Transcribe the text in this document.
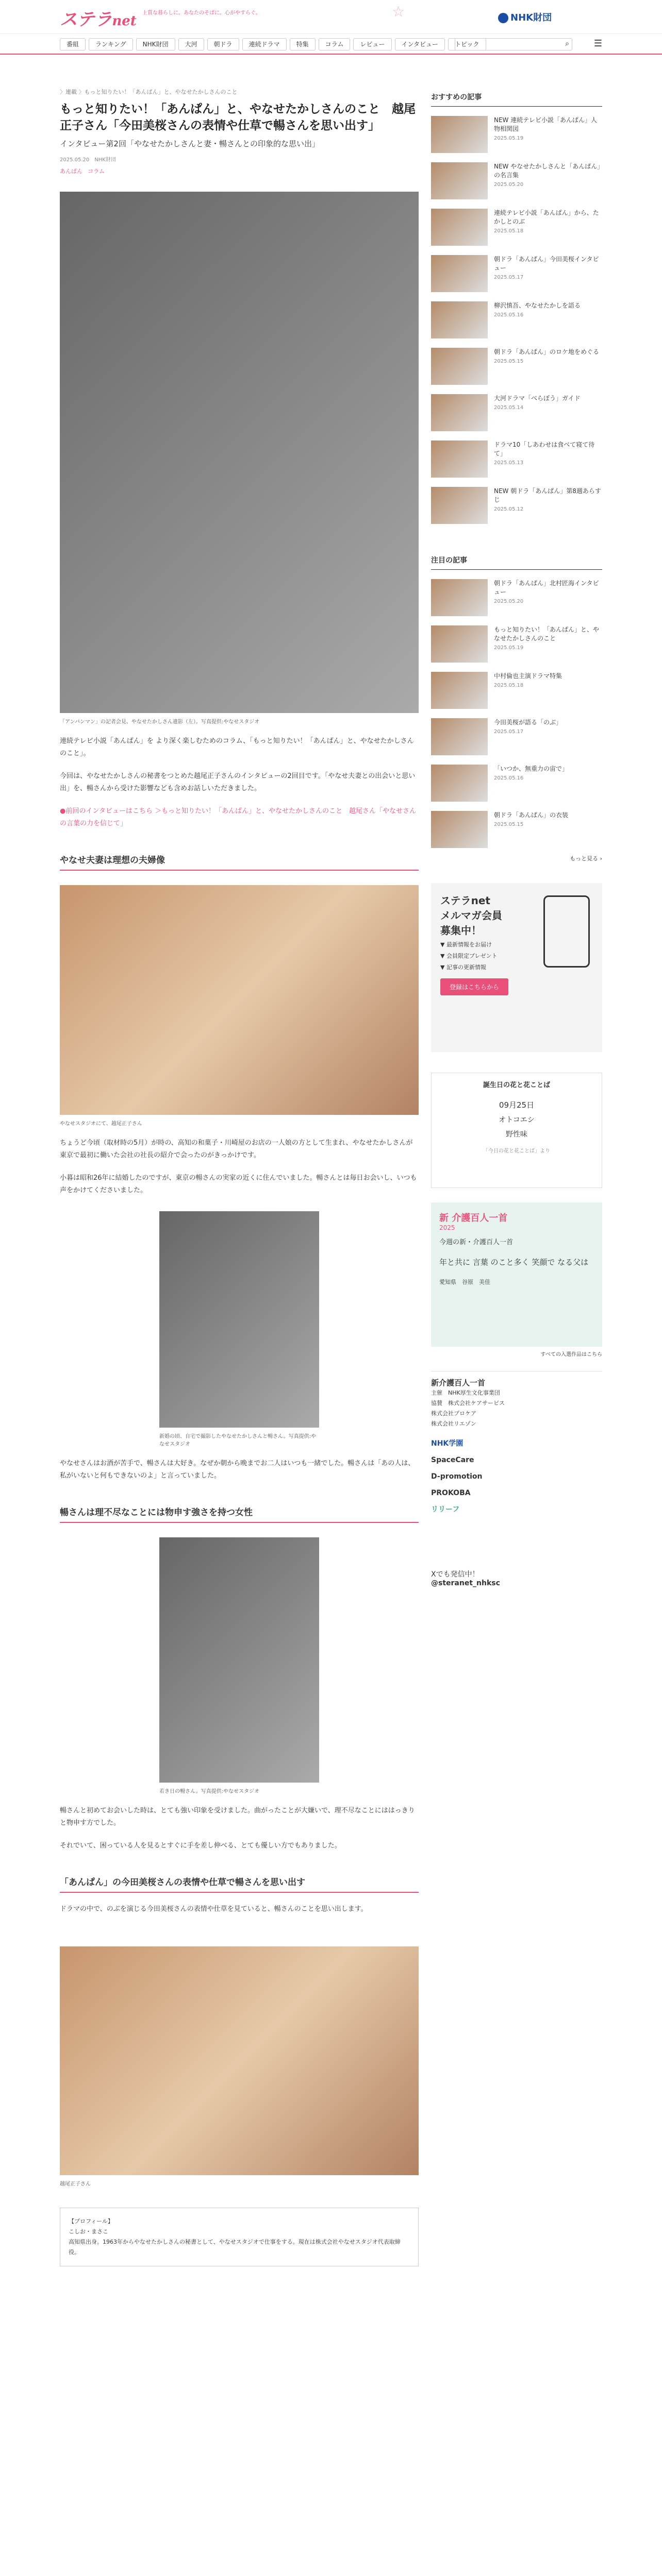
ステラnet
上質な暮らしに。あなたのそばに。心がやすらぐ。	☆	NHK財団
番組	ランキング	NHK財団	大河	朝ドラ	連続ドラマ	特集	コラム	レビュー	インタビュー	トピック	⌕	☰
〉連載 〉もっと知りたい！「あんぱん」と、やなせたかしさんのこと
もっと知りたい！「あんぱん」と、やなせたかしさんのこと　越尾正子さん「今田美桜さんの表情や仕草で暢さんを思い出す」
インタビュー第2回「やなせたかしさんと妻・暢さんとの印象的な思い出」
2025.05.20　NHK財団
あんぱん コラム
「アンパンマン」の記者会見、やなせたかしさん遺影（左）。写真提供:やなせスタジオ
連続テレビ小説「あんぱん」を より深く楽しむためのコラム、「もっと知りたい！「あんぱん」と、やなせたかしさんのこと」。
今回は、やなせたかしさんの秘書をつとめた越尾正子さんのインタビューの2回目です。「やなせ夫妻との出会いと思い出」を、暢さんから受けた影響なども含めお話しいただきました。
●前回のインタビューはこちら ＞もっと知りたい！「あんぱん」と、やなせたかしさんのこと　越尾さん「やなせさんの言葉の力を信じて」
やなせ夫妻は理想の夫婦像
やなせスタジオにて、越尾正子さん
ちょうど今頃（取材時の5月）が時の、高知の和菓子・川崎屋のお店の一人娘の方として生まれ、やなせたかしさんが東京で最初に働いた会社の社長の紹介で会ったのがきっかけです。
小暮は昭和26年に結婚したのですが、東京の暢さんの実家の近くに住んでいました。暢さんとは毎日お会いし、いつも声をかけてくださいました。
新婚の頃、自宅で撮影したやなせたかしさんと暢さん。写真提供:やなせスタジオ
やなせさんはお酒が苦手で、暢さんは大好き。なぜか朝から晩までお二人はいつも一緒でした。暢さんは「あの人は、私がいないと何もできないのよ」と言っていました。
暢さんは理不尽なことには物申す強さを持つ女性
若き日の暢さん。写真提供:やなせスタジオ
暢さんと初めてお会いした時は、とても強い印象を受けました。曲がったことが大嫌いで、理不尽なことにははっきりと物申す方でした。
それでいて、困っている人を見るとすぐに手を差し伸べる、とても優しい方でもありました。
「あんぱん」の今田美桜さんの表情や仕草で暢さんを思い出す
ドラマの中で、のぶを演じる今田美桜さんの表情や仕草を見ていると、暢さんのことを思い出します。
越尾正子さん
【プロフィール】
こしお・まさこ
高知県出身。1963年からやなせたかしさんの秘書として、やなせスタジオで仕事をする。現在は株式会社やなせスタジオ代表取締役。
おすすめの記事
NEW 連続テレビ小説「あんぱん」人物相関図
2025.05.19
NEW やなせたかしさんと「あんぱん」の名言集
2025.05.20
連続テレビ小説「あんぱん」から、たかしとのぶ
2025.05.18
朝ドラ「あんぱん」今田美桜インタビュー
2025.05.17
柳沢慎吾、やなせたかしを語る
2025.05.16
朝ドラ「あんぱん」のロケ地をめぐる
2025.05.15
大河ドラマ「べらぼう」ガイド
2025.05.14
ドラマ10「しあわせは食べて寝て待て」
2025.05.13
NEW 朝ドラ「あんぱん」第8週あらすじ
2025.05.12
注目の記事
朝ドラ「あんぱん」北村匠海インタビュー
2025.05.20
もっと知りたい！「あんぱん」と、やなせたかしさんのこと
2025.05.19
中村倫也主演ドラマ特集
2025.05.18
今田美桜が語る「のぶ」
2025.05.17
「いつか、無重力の宙で」
2025.05.16
朝ドラ「あんぱん」の衣装
2025.05.15
もっと見る ›
ステラnet
メルマガ会員
募集中！
▼ 最新情報をお届け
▼ 会員限定プレゼント
▼ 記事の更新情報
登録はこちらから
誕生日の花と花ことば
09月25日
オトコエシ
野性味
「今日の花と花ことば」より
新 介護百人一首
2025
今週の新・介護百人一首
年と共に 言葉 のこと多く 笑顔で なる父は
愛知県　谷原　美佳
すべての入選作品はこちら
新介護百人一首
主催　NHK厚生文化事業団
協賛　株式会社ケアサービス
株式会社プロケア
株式会社リエゾン
NHK学園
SpaceCare
D-promotion
PROKOBA
リリーフ
Xでも発信中！
@steranet_nhksc
